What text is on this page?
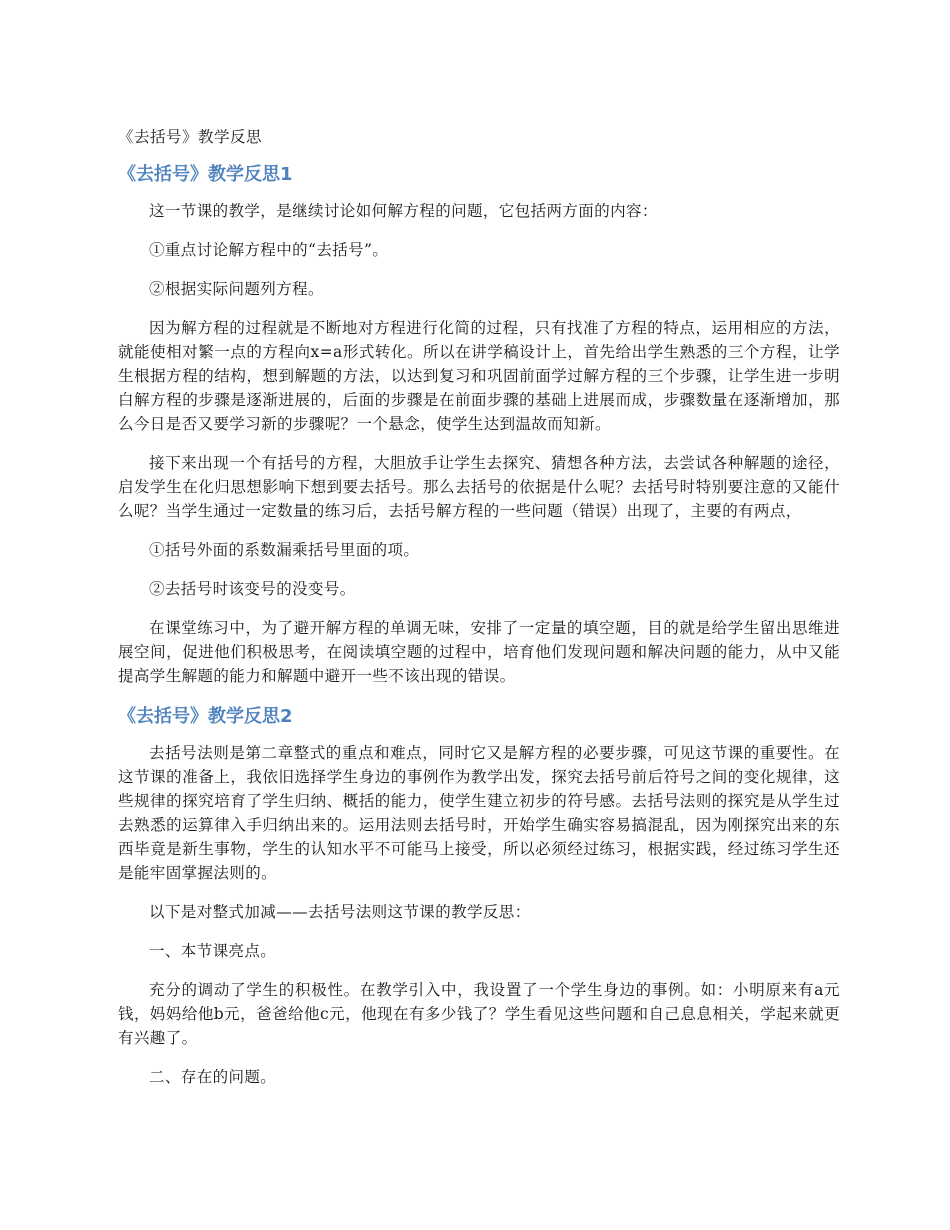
《去括号》教学反思
《去括号》教学反思1

这一节课的教学，是继续讨论如何解方程的问题，它包括两方面的内容：

①重点讨论解方程中的“去括号”。

②根据实际问题列方程。

因为解方程的过程就是不断地对方程进行化简的过程，只有找准了方程的特点，运用相应的方法，就能使相对繁一点的方程向x=a形式转化。所以在讲学稿设计上，首先给出学生熟悉的三个方程，让学生根据方程的结构，想到解题的方法，以达到复习和巩固前面学过解方程的三个步骤，让学生进一步明白解方程的步骤是逐渐进展的，后面的步骤是在前面步骤的基础上进展而成，步骤数量在逐渐增加，那么今日是否又要学习新的步骤呢？一个悬念，使学生达到温故而知新。

接下来出现一个有括号的方程，大胆放手让学生去探究、猜想各种方法，去尝试各种解题的途径，启发学生在化归思想影响下想到要去括号。那么去括号的依据是什么呢？去括号时特别要注意的又能什么呢？当学生通过一定数量的练习后，去括号解方程的一些问题（错误）出现了，主要的有两点，

①括号外面的系数漏乘括号里面的项。

②去括号时该变号的没变号。

在课堂练习中，为了避开解方程的单调无味，安排了一定量的填空题，目的就是给学生留出思维进展空间，促进他们积极思考，在阅读填空题的过程中，培育他们发现问题和解决问题的能力，从中又能提高学生解题的能力和解题中避开一些不该出现的错误。

《去括号》教学反思2

去括号法则是第二章整式的重点和难点，同时它又是解方程的必要步骤，可见这节课的重要性。在这节课的准备上，我依旧选择学生身边的事例作为教学出发，探究去括号前后符号之间的变化规律，这些规律的探究培育了学生归纳、概括的能力，使学生建立初步的符号感。去括号法则的探究是从学生过去熟悉的运算律入手归纳出来的。运用法则去括号时，开始学生确实容易搞混乱，因为刚探究出来的东西毕竟是新生事物，学生的认知水平不可能马上接受，所以必须经过练习，根据实践，经过练习学生还是能牢固掌握法则的。

以下是对整式加减——去括号法则这节课的教学反思：

一、本节课亮点。

充分的调动了学生的积极性。在教学引入中，我设置了一个学生身边的事例。如：小明原来有a元钱，妈妈给他b元，爸爸给他c元，他现在有多少钱了？学生看见这些问题和自己息息相关，学起来就更有兴趣了。

二、存在的问题。
